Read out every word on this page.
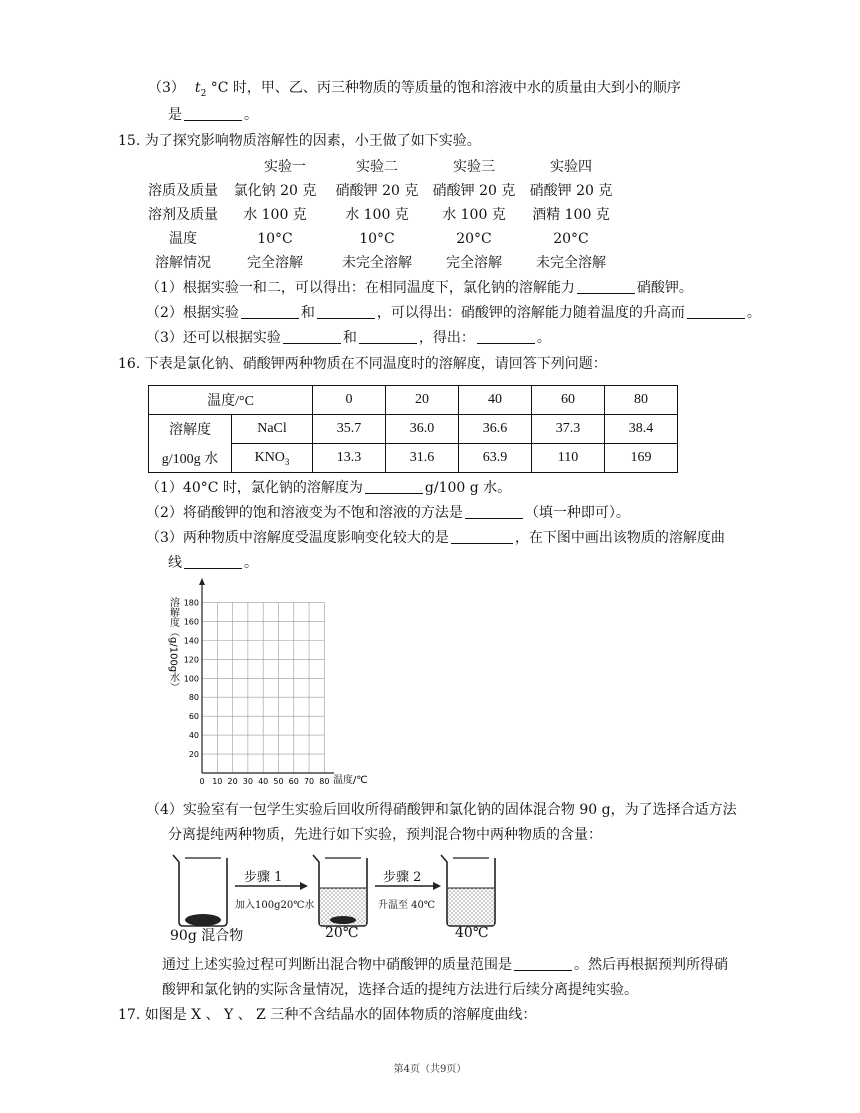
（3） $t_2$ °C 时，甲、乙、丙三种物质的等质量的饱和溶液中水的质量由大到小的顺序
是	。
15. 为了探究影响物质溶解性的因素，小王做了如下实验。
实验一	实验二	实验三	实验四
溶质及质量	氯化钠 20 克	硝酸钾 20 克	硝酸钾 20 克	硝酸钾 20 克
溶剂及质量	水 100 克	水 100 克	水 100 克	酒精 100 克
温度	10°C	10°C	20°C	20°C
溶解情况	完全溶解	未完全溶解	完全溶解	未完全溶解
（1）根据实验一和二，可以得出：在相同温度下，氯化钠的溶解能力	硝酸钾。
（2）根据实验	和	，可以得出：硝酸钾的溶解能力随着温度的升高而	。
（3）还可以根据实验	和	，得出：	。
16. 下表是氯化钠、硝酸钾两种物质在不同温度时的溶解度，请回答下列问题：
温度/°C		0	20	40	60	80
溶解度	NaCl	35.7	36.0	36.6	37.3	38.4
g/100g 水	$KNO_3$	13.3	31.6	63.9	110	169
（1）40°C 时，氯化钠的溶解度为	g/100 g 水。
（2）将硝酸钾的饱和溶液变为不饱和溶液的方法是	（填一种即可）。
（3）两种物质中溶解度受温度影响变化较大的是	，在下图中画出该物质的溶解度曲
线	。
20
40
60
80
100
120
140
160
180
0 10 20 30 40 50 60 70 80
溶解度（g/100g水）
温度/℃
（4）实验室有一包学生实验后回收所得硝酸钾和氯化钠的固体混合物 90 g，为了选择合适方法
分离提纯两种物质，先进行如下实验，预判混合物中两种物质的含量：
步骤 1
加入100g20℃水
步骤 2
升温至 40℃
90g 混合物	20℃	40℃
通过上述实验过程可判断出混合物中硝酸钾的质量范围是	。然后再根据预判所得硝
酸钾和氯化钠的实际含量情况，选择合适的提纯方法进行后续分离提纯实验。
17. 如图是 X 、 Y 、 Z 三种不含结晶水的固体物质的溶解度曲线：
第4页（共9页）
